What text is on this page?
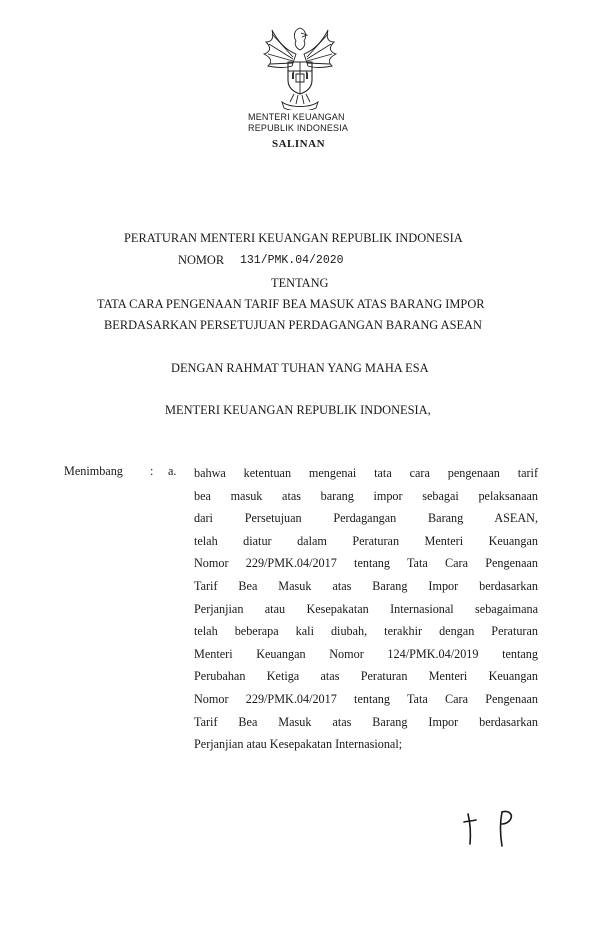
MENTERI KEUANGAN
REPUBLIK INDONESIA
SALINAN
PERATURAN MENTERI KEUANGAN REPUBLIK INDONESIA
NOMOR 131/PMK.04/2020
TENTANG
TATA CARA PENGENAAN TARIF BEA MASUK ATAS BARANG IMPOR
BERDASARKAN PERSETUJUAN PERDAGANGAN BARANG ASEAN
DENGAN RAHMAT TUHAN YANG MAHA ESA
MENTERI KEUANGAN REPUBLIK INDONESIA,
Menimbang : a. bahwa ketentuan mengenai tata cara pengenaan tarif
bea masuk atas barang impor sebagai pelaksanaan
dari Persetujuan Perdagangan Barang ASEAN,
telah diatur dalam Peraturan Menteri Keuangan
Nomor 229/PMK.04/2017 tentang Tata Cara Pengenaan
Tarif Bea Masuk atas Barang Impor berdasarkan
Perjanjian atau Kesepakatan Internasional sebagaimana
telah beberapa kali diubah, terakhir dengan Peraturan
Menteri Keuangan Nomor 124/PMK.04/2019 tentang
Perubahan Ketiga atas Peraturan Menteri Keuangan
Nomor 229/PMK.04/2017 tentang Tata Cara Pengenaan
Tarif Bea Masuk atas Barang Impor berdasarkan
Perjanjian atau Kesepakatan Internasional;
